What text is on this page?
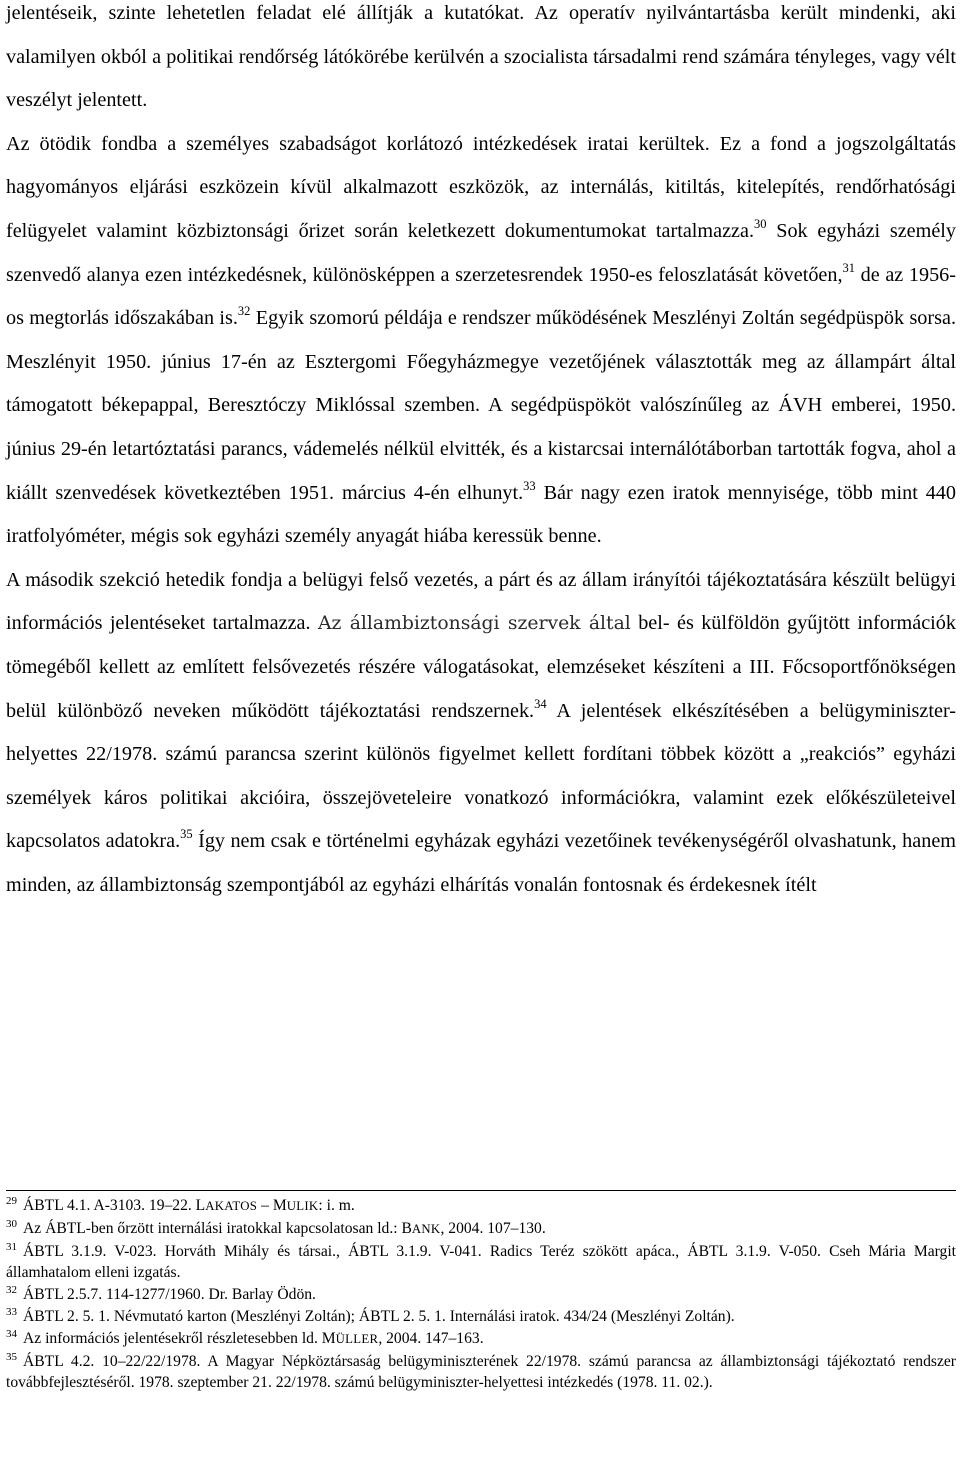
jelentéseik, szinte lehetetlen feladat elé állítják a kutatókat. Az operatív nyilvántartásba került mindenki, aki valamilyen okból a politikai rendőrség látókörébe kerülvén a szocialista társadalmi rend számára tényleges, vagy vélt veszélyt jelentett.
Az ötödik fondba a személyes szabadságot korlátozó intézkedések iratai kerültek. Ez a fond a jogszolgáltatás hagyományos eljárási eszközein kívül alkalmazott eszközök, az internálás, kitiltás, kitelepítés, rendőrhatósági felügyelet valamint közbiztonsági őrizet során keletkezett dokumentumokat tartalmazza.$^{30}$ Sok egyházi személy szenvedő alanya ezen intézkedésnek, különösképpen a szerzetesrendek 1950-es feloszlatását követően,$^{31}$ de az 1956-os megtorlás időszakában is.$^{32}$ Egyik szomorú példája e rendszer működésének Meszlényi Zoltán segédpüspök sorsa. Meszlényit 1950. június 17-én az Esztergomi Főegyházmegye vezetőjének választották meg az állampárt által támogatott békepappal, Beresztóczy Miklóssal szemben. A segédpüspököt valószínűleg az ÁVH emberei, 1950. június 29-én letartóztatási parancs, vádemelés nélkül elvitték, és a kistarcsai internálótáborban tartották fogva, ahol a kiállt szenvedések következtében 1951. március 4-én elhunyt.$^{33}$ Bár nagy ezen iratok mennyisége, több mint 440 iratfolyóméter, mégis sok egyházi személy anyagát hiába keressük benne.

A második szekció hetedik fondja a belügyi felső vezetés, a párt és az állam irányítói tájékoztatására készült belügyi információs jelentéseket tartalmazza. Az állambiztonsági szervek által bel- és külföldön gyűjtött információk tömegéből kellett az említett felsővezetés részére válogatásokat, elemzéseket készíteni a III. Főcsoportfőnökségen belül különböző neveken működött tájékoztatási rendszernek.$^{34}$ A jelentések elkészítésében a belügyminiszter-helyettes 22/1978. számú parancsa szerint különös figyelmet kellett fordítani többek között a „reakciós” egyházi személyek káros politikai akcióira, összejöveteleire vonatkozó információkra, valamint ezek előkészületeivel kapcsolatos adatokra.$^{35}$ Így nem csak e történelmi egyházak egyházi vezetőinek tevékenységéről olvashatunk, hanem minden, az állambiztonság szempontjából az egyházi elhárítás vonalán fontosnak és érdekesnek ítélt

$^{29}$ ÁBTL 4.1. A-3103. 19–22. LAKATOS – MULIK: i. m.

$^{30}$ Az ÁBTL-ben őrzött internálási iratokkal kapcsolatosan ld.: BANK, 2004. 107–130.

$^{31}$ ÁBTL 3.1.9. V-023. Horváth Mihály és társai., ÁBTL 3.1.9. V-041. Radics Teréz szökött apáca., ÁBTL 3.1.9. V-050. Cseh Mária Margit államhatalom elleni izgatás.

$^{32}$ ÁBTL 2.5.7. 114-1277/1960. Dr. Barlay Ödön.

$^{33}$ ÁBTL 2. 5. 1. Névmutató karton (Meszlényi Zoltán); ÁBTL 2. 5. 1. Internálási iratok. 434/24 (Meszlényi Zoltán).

$^{34}$ Az információs jelentésekről részletesebben ld. MÜLLER, 2004. 147–163.

$^{35}$ ÁBTL 4.2. 10–22/22/1978. A Magyar Népköztársaság belügyminiszterének 22/1978. számú parancsa az állambiztonsági tájékoztató rendszer továbbfejlesztéséről. 1978. szeptember 21. 22/1978. számú belügyminiszter-helyettesi intézkedés (1978. 11. 02.).
